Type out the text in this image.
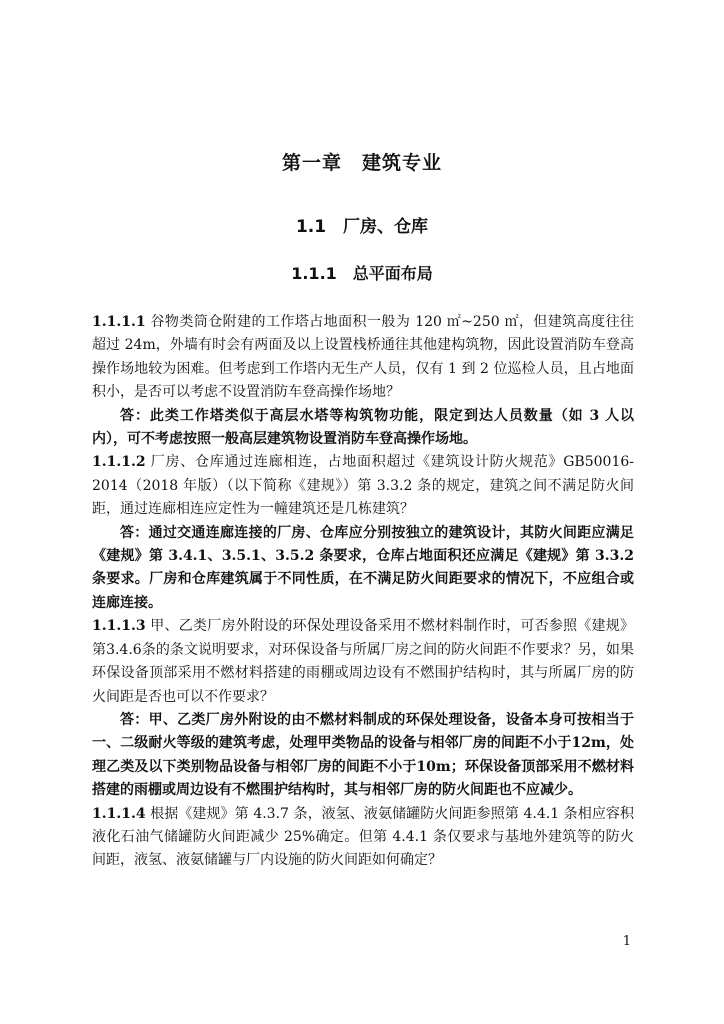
第一章　建筑专业
1.1　厂房、仓库
1.1.1　总平面布局

1.1.1.1 谷物类筒仓附建的工作塔占地面积一般为 120 ㎡~250 ㎡，但建筑高度往往超过 24m，外墙有时会有两面及以上设置栈桥通往其他建构筑物，因此设置消防车登高操作场地较为困难。但考虑到工作塔内无生产人员，仅有 1 到 2 位巡检人员，且占地面积小，是否可以考虑不设置消防车登高操作场地？

答：此类工作塔类似于高层水塔等构筑物功能，限定到达人员数量（如 3 人以内），可不考虑按照一般高层建筑物设置消防车登高操作场地。

1.1.1.2 厂房、仓库通过连廊相连，占地面积超过《建筑设计防火规范》GB50016-2014（2018 年版）（以下简称《建规》）第 3.3.2 条的规定，建筑之间不满足防火间距，通过连廊相连应定性为一幢建筑还是几栋建筑？

答：通过交通连廊连接的厂房、仓库应分别按独立的建筑设计，其防火间距应满足《建规》第 3.4.1、3.5.1、3.5.2 条要求，仓库占地面积还应满足《建规》第 3.3.2 条要求。厂房和仓库建筑属于不同性质，在不满足防火间距要求的情况下，不应组合或连廊连接。

1.1.1.3 甲、乙类厂房外附设的环保处理设备采用不燃材料制作时，可否参照《建规》第3.4.6条的条文说明要求，对环保设备与所属厂房之间的防火间距不作要求？另，如果环保设备顶部采用不燃材料搭建的雨棚或周边设有不燃围护结构时，其与所属厂房的防火间距是否也可以不作要求？

答：甲、乙类厂房外附设的由不燃材料制成的环保处理设备，设备本身可按相当于一、二级耐火等级的建筑考虑，处理甲类物品的设备与相邻厂房的间距不小于12m，处理乙类及以下类别物品设备与相邻厂房的间距不小于10m；环保设备顶部采用不燃材料搭建的雨棚或周边设有不燃围护结构时，其与相邻厂房的防火间距也不应减少。

1.1.1.4 根据《建规》第 4.3.7 条，液氢、液氨储罐防火间距参照第 4.4.1 条相应容积液化石油气储罐防火间距减少 25%确定。但第 4.4.1 条仅要求与基地外建筑等的防火间距，液氢、液氨储罐与厂内设施的防火间距如何确定？

1
